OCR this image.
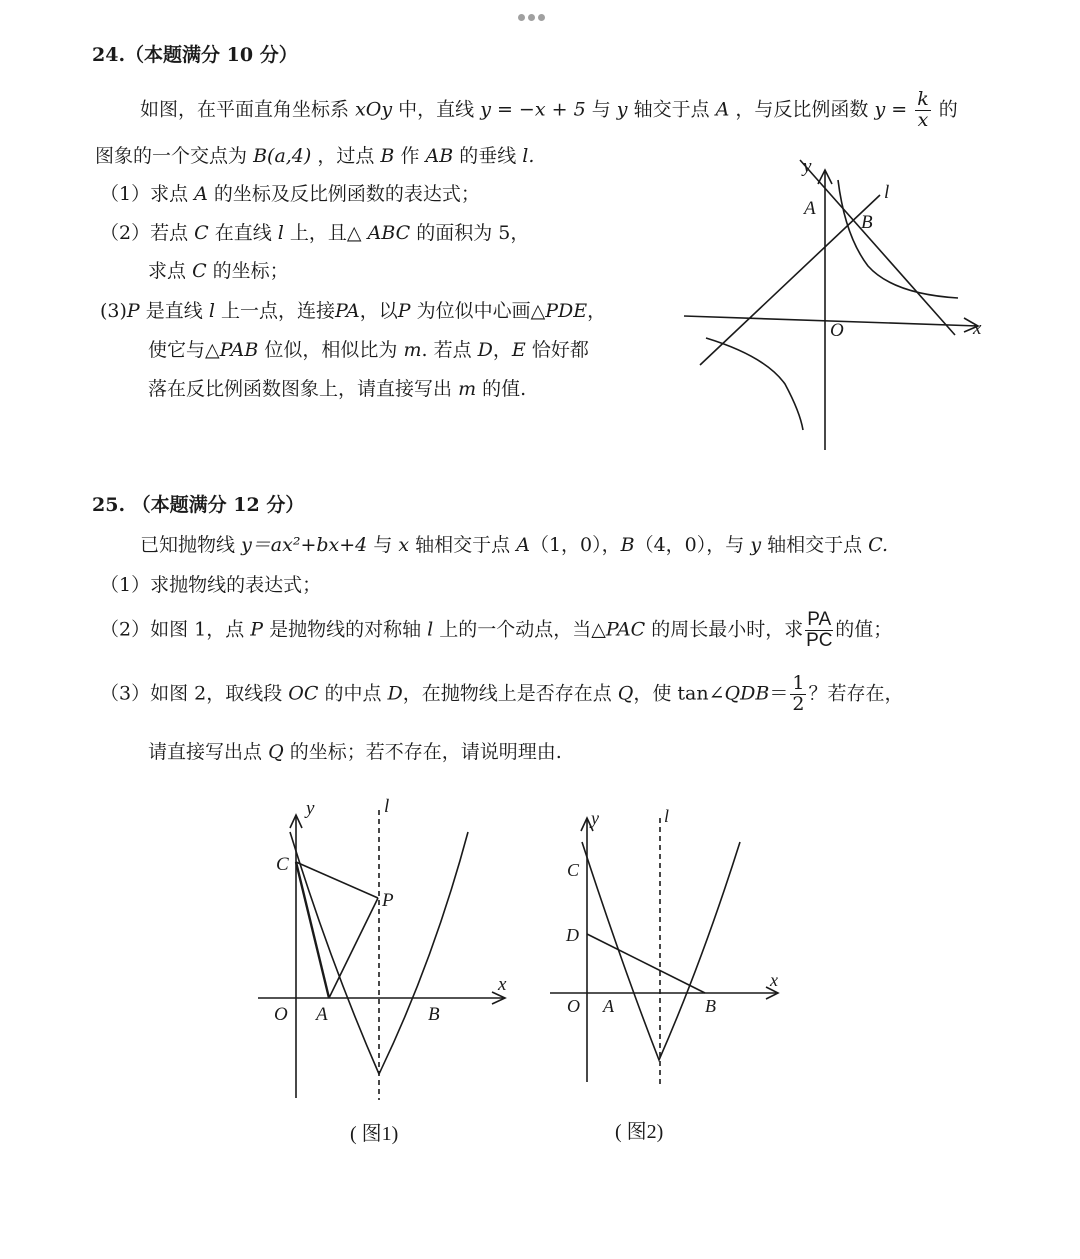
24.（本题满分 10 分）
如图，在平面直角坐标系 xOy 中，直线 y = −x + 5 与 y 轴交于点 A ，与反比例函数 $y = \frac{k}{x}$ 的
图象的一个交点为 B(a,4) ，过点 B 作 AB 的垂线 l.
（1）求点 A 的坐标及反比例函数的表达式；
（2）若点 C 在直线 l 上，且△ ABC 的面积为 5，
求点 C 的坐标；
(3)P 是直线 l 上一点，连接PA，以P 为位似中心画△PDE，
使它与△PAB 位似，相似比为 m. 若点 D，E 恰好都
落在反比例函数图象上，请直接写出 m 的值.
y
x
l
A
B
O
25. （本题满分 12 分）
已知抛物线 y＝ax²+bx+4 与 x 轴相交于点 A（1，0），B（4，0），与 y 轴相交于点 C.
（1）求抛物线的表达式；
（2）如图 1，点 P 是抛物线的对称轴 l 上的一个动点，当△PAC 的周长最小时，求 $\frac{PA}{PC}$ 的值；
（3）如图 2，取线段 OC 的中点 D，在抛物线上是否存在点 Q，使 tan∠QDB＝ $\frac{1}{2}$ ？若存在，
请直接写出点 Q 的坐标；若不存在，请说明理由.
y	l
x
C
P
O A	B
( 图1)
y	l
x
C
D
O A	B
( 图2)
